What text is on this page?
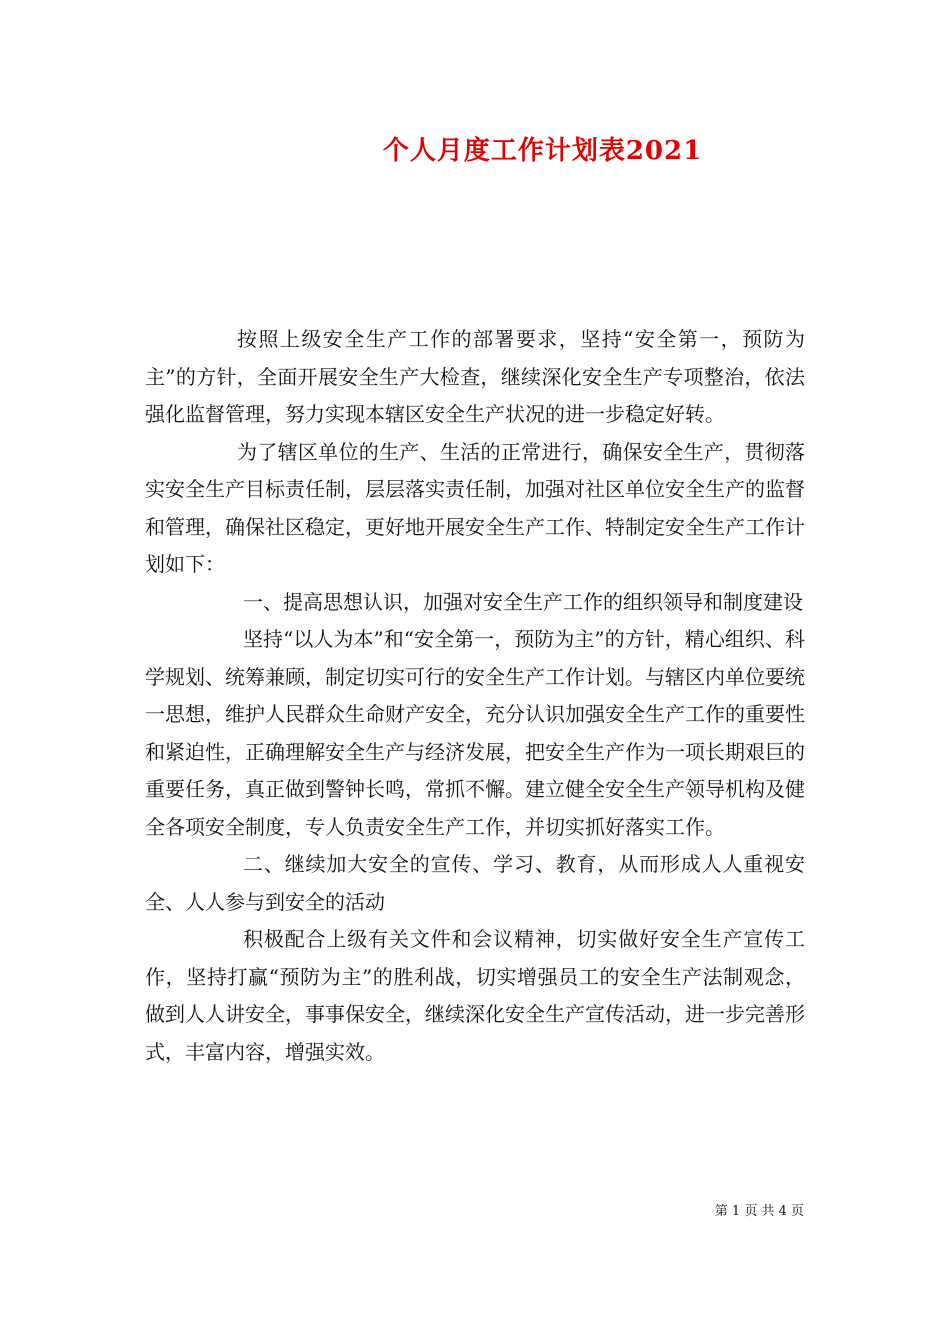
个人月度工作计划表2021

按照上级安全生产工作的部署要求，坚持“安全第一，预防为主”的方针，全面开展安全生产大检查，继续深化安全生产专项整治，依法强化监督管理，努力实现本辖区安全生产状况的进一步稳定好转。

为了辖区单位的生产、生活的正常进行，确保安全生产，贯彻落实安全生产目标责任制，层层落实责任制，加强对社区单位安全生产的监督和管理，确保社区稳定，更好地开展安全生产工作、特制定安全生产工作计划如下：

一、提高思想认识，加强对安全生产工作的组织领导和制度建设

坚持“以人为本”和“安全第一，预防为主”的方针，精心组织、科学规划、统筹兼顾，制定切实可行的安全生产工作计划。与辖区内单位要统一思想，维护人民群众生命财产安全，充分认识加强安全生产工作的重要性和紧迫性，正确理解安全生产与经济发展，把安全生产作为一项长期艰巨的重要任务，真正做到警钟长鸣，常抓不懈。建立健全安全生产领导机构及健全各项安全制度，专人负责安全生产工作，并切实抓好落实工作。

二、继续加大安全的宣传、学习、教育，从而形成人人重视安全、人人参与到安全的活动

积极配合上级有关文件和会议精神，切实做好安全生产宣传工作，坚持打赢“预防为主”的胜利战，切实增强员工的安全生产法制观念，做到人人讲安全，事事保安全，继续深化安全生产宣传活动，进一步完善形式，丰富内容，增强实效。

第 1 页 共 4 页
